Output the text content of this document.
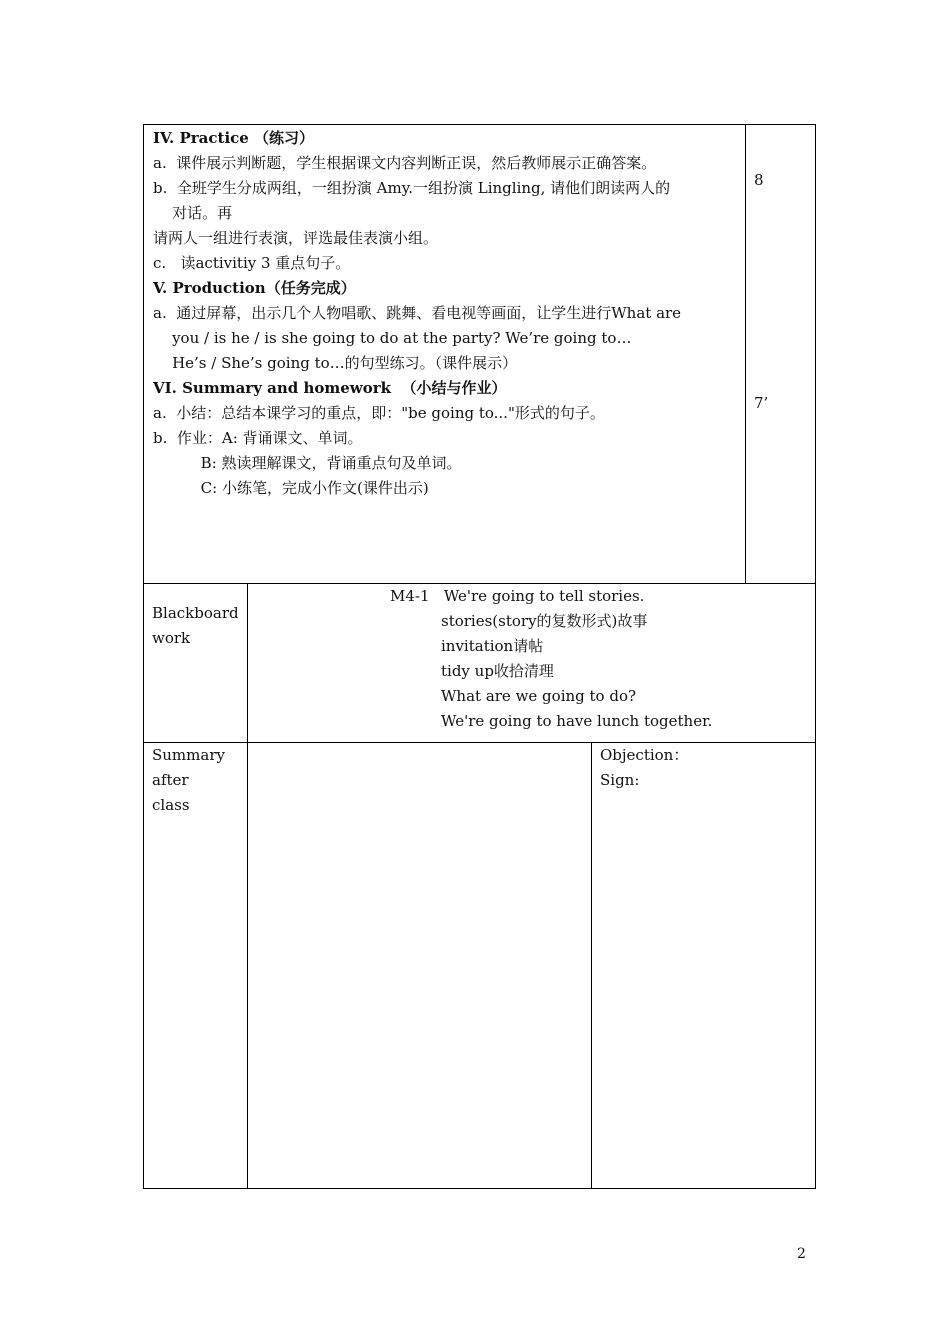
IV. Practice （练习）
a.  课件展示判断题，学生根据课文内容判断正误，然后教师展示正确答案。
b.  全班学生分成两组，一组扮演 Amy.一组扮演 Lingling, 请他们朗读两人的
对话。再
请两人一组进行表演，评选最佳表演小组。
c.   读activitiy 3 重点句子。
V. Production（任务完成）
a.  通过屏幕，出示几个人物唱歌、跳舞、看电视等画面，让学生进行What are
you / is he / is she going to do at the party? We’re going to…
He’s / She’s going to…的句型练习。（课件展示）
VI. Summary and homework  （小结与作业）
a.  小结：总结本课学习的重点，即："be going to..."形式的句子。
b.  作业：A: 背诵课文、单词。
B: 熟读理解课文，背诵重点句及单词。
C: 小练笔，完成小作文(课件出示)
8
7’
Blackboard
work
M4-1   We're going to tell stories.
stories(story的复数形式)故事
invitation请帖
tidy up收拾清理
What are we going to do?
We're going to have lunch together.
Summary
after
class
Objection：
Sign:
2
